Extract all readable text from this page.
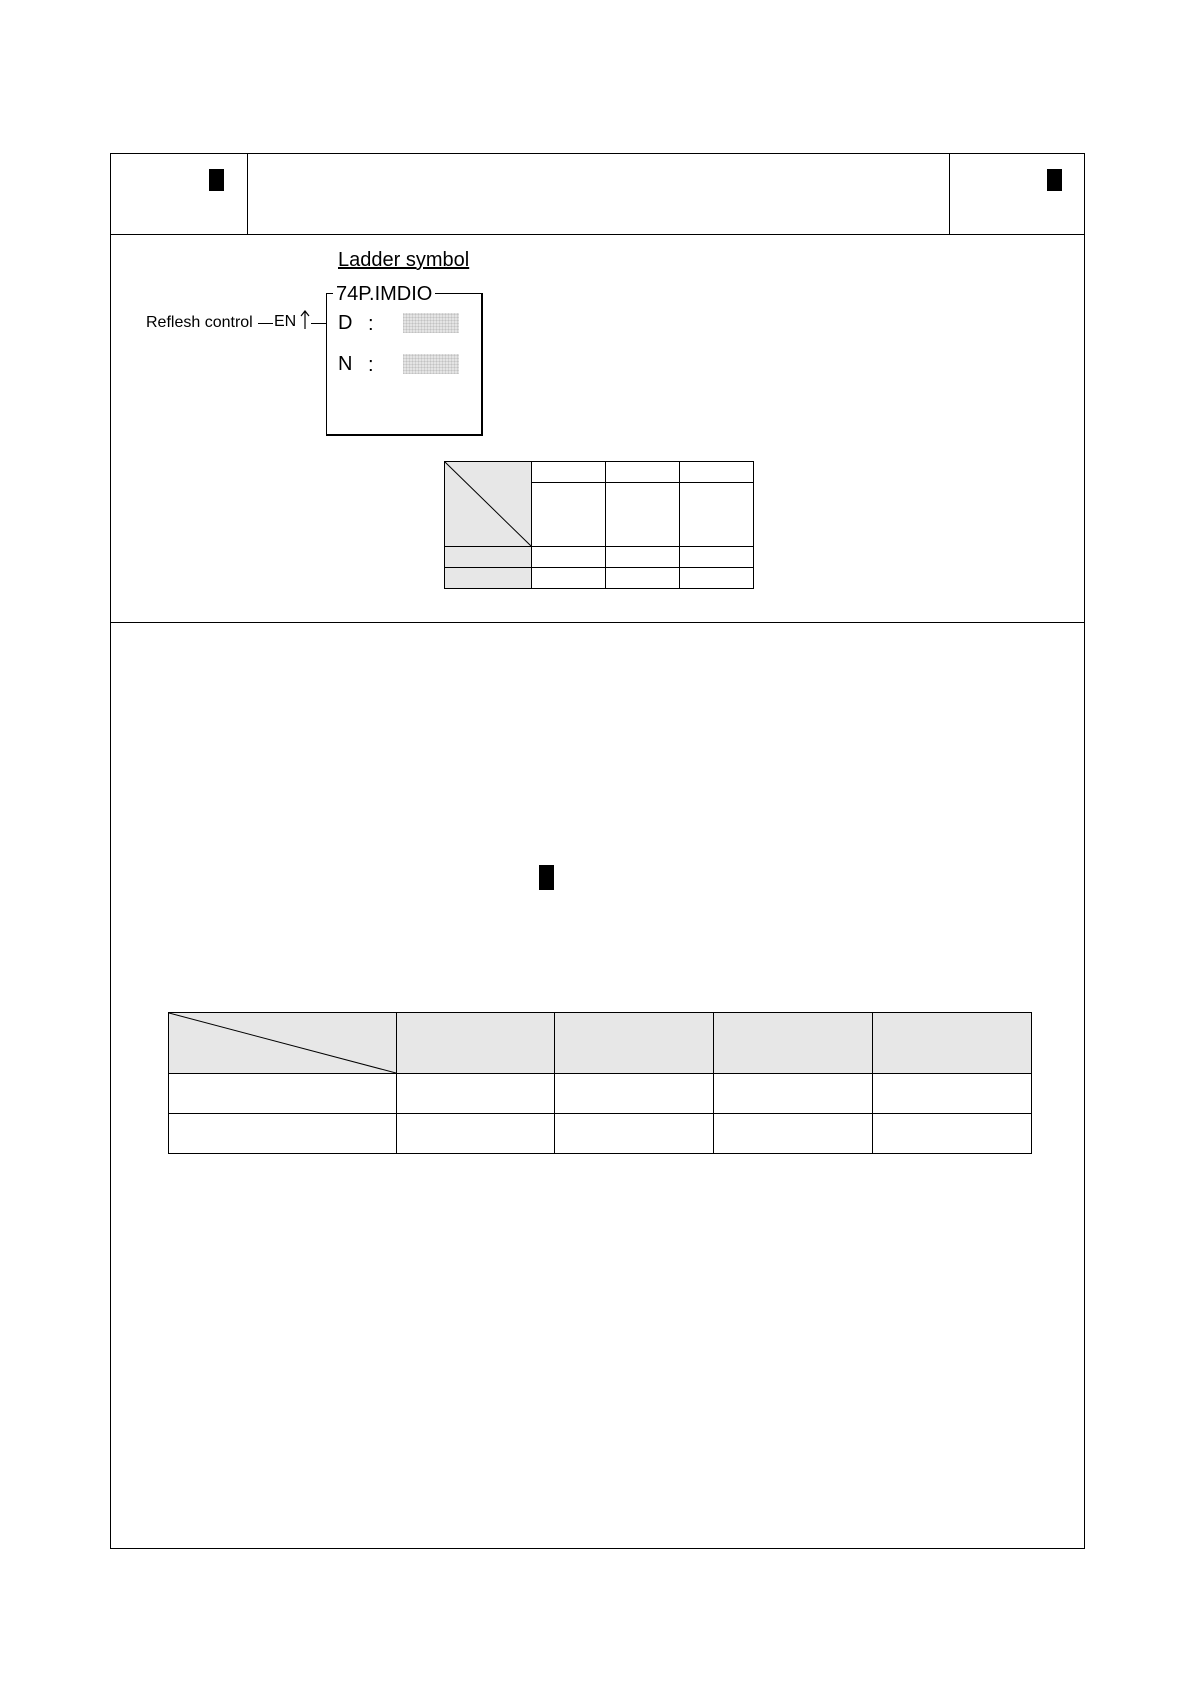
Ladder symbol
74P.IMDIO
Reflesh control EN D :
N :
